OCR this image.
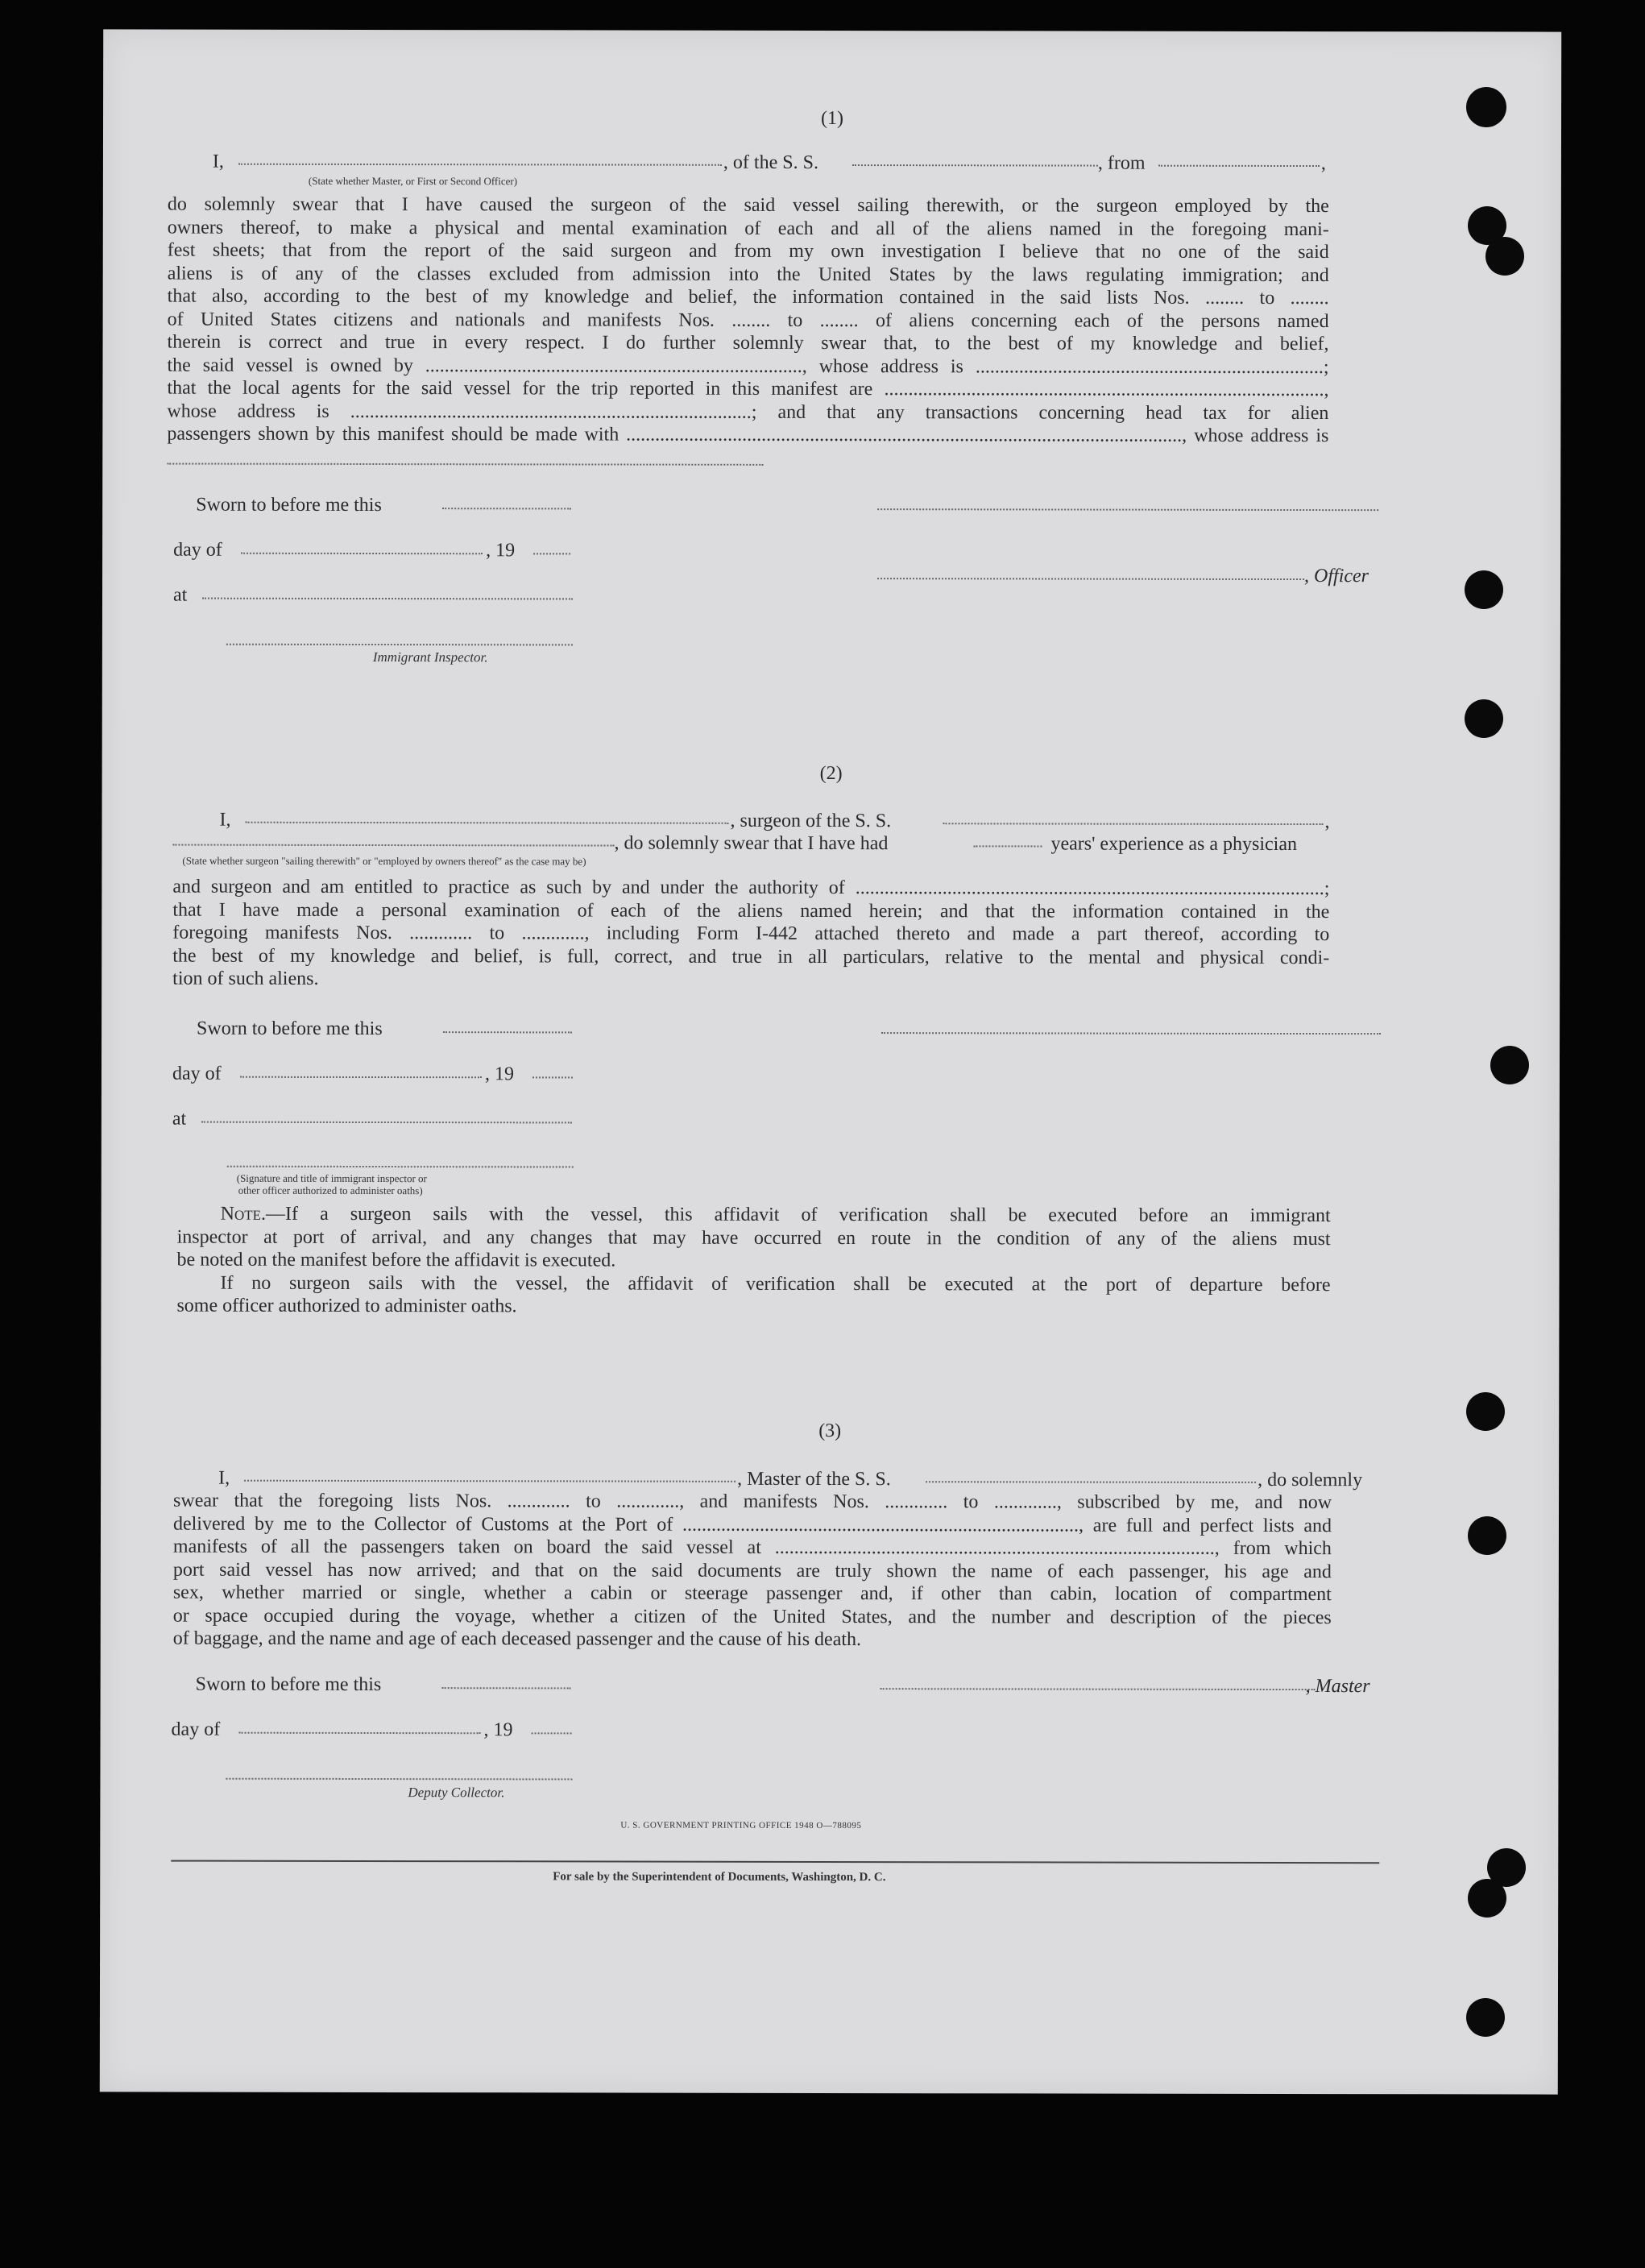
(1)
I,	, of the S. S.	, from	,
(State whether Master, or First or Second Officer)
do solemnly swear that I have caused the surgeon of the said vessel sailing therewith, or the surgeon employed by the
owners thereof, to make a physical and mental examination of each and all of the aliens named in the foregoing mani-
fest sheets; that from the report of the said surgeon and from my own investigation I believe that no one of the said
aliens is of any of the classes excluded from admission into the United States by the laws regulating immigration; and
that also, according to the best of my knowledge and belief, the information contained in the said lists Nos. ........ to ........
of United States citizens and nationals and manifests Nos. ........ to ........ of aliens concerning each of the persons named
therein is correct and true in every respect. I do further solemnly swear that, to the best of my knowledge and belief,
the said vessel is owned by .............................................................................., whose address is ........................................................................;
that the local agents for the said vessel for the trip reported in this manifest are ...........................................................................................,
whose address is ...................................................................................; and that any transactions concerning head tax for alien
passengers shown by this manifest should be made with ..................................................................................................................., whose address is
Sworn to before me this
day of	, 19
, Officer
at
Immigrant Inspector.
(2)
I,	, surgeon of the S. S.	,
, do solemnly swear that I have had	years' experience as a physician
(State whether surgeon "sailing therewith" or "employed by owners thereof" as the case may be)
and surgeon and am entitled to practice as such by and under the authority of .................................................................................................;
that I have made a personal examination of each of the aliens named herein; and that the information contained in the
foregoing manifests Nos. ............. to ............., including Form I-442 attached thereto and made a part thereof, according to
the best of my knowledge and belief, is full, correct, and true in all particulars, relative to the mental and physical condi-
tion of such aliens.
Sworn to before me this
day of	, 19
at
(Signature and title of immigrant inspector or
other officer authorized to administer oaths)
Note.—If a surgeon sails with the vessel, this affidavit of verification shall be executed before an immigrant
inspector at port of arrival, and any changes that may have occurred en route in the condition of any of the aliens must
be noted on the manifest before the affidavit is executed.
If no surgeon sails with the vessel, the affidavit of verification shall be executed at the port of departure before
some officer authorized to administer oaths.
(3)
I,	, Master of the S. S.	, do solemnly
swear that the foregoing lists Nos. ............. to ............., and manifests Nos. ............. to ............., subscribed by me, and now
delivered by me to the Collector of Customs at the Port of .................................................................................., are full and perfect lists and
manifests of all the passengers taken on board the said vessel at ..........................................................................................., from which
port said vessel has now arrived; and that on the said documents are truly shown the name of each passenger, his age and
sex, whether married or single, whether a cabin or steerage passenger and, if other than cabin, location of compartment
or space occupied during the voyage, whether a citizen of the United States, and the number and description of the pieces
of baggage, and the name and age of each deceased passenger and the cause of his death.
Sworn to before me this	, Master
day of	, 19
Deputy Collector.
U. S. GOVERNMENT PRINTING OFFICE 1948 O—788095
For sale by the Superintendent of Documents, Washington, D. C.
